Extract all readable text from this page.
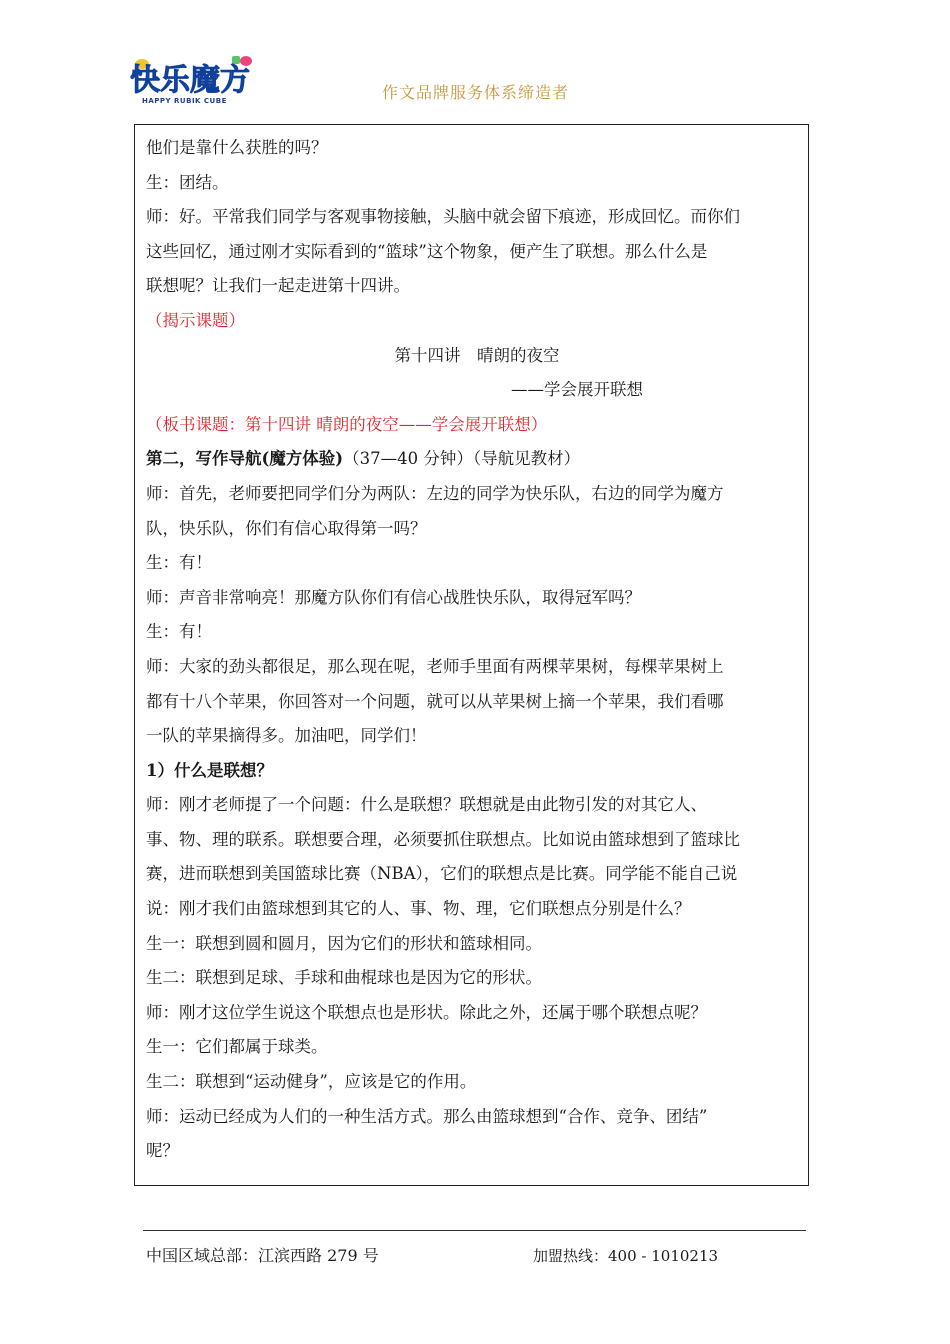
快乐魔方
HAPPY RUBIK CUBE	作文品牌服务体系缔造者
他们是靠什么获胜的吗？
生：团结。
师：好。平常我们同学与客观事物接触，头脑中就会留下痕迹，形成回忆。而你们
这些回忆，通过刚才实际看到的“篮球”这个物象，便产生了联想。那么什么是
联想呢？让我们一起走进第十四讲。
（揭示课题）
第十四讲　晴朗的夜空
——学会展开联想
（板书课题：第十四讲 晴朗的夜空——学会展开联想）
第二，写作导航(魔方体验)（37—40 分钟）（导航见教材）
师：首先，老师要把同学们分为两队：左边的同学为快乐队，右边的同学为魔方
队，快乐队，你们有信心取得第一吗？
生：有！
师：声音非常响亮！那魔方队你们有信心战胜快乐队，取得冠军吗？
生：有！
师：大家的劲头都很足，那么现在呢，老师手里面有两棵苹果树，每棵苹果树上
都有十八个苹果，你回答对一个问题，就可以从苹果树上摘一个苹果，我们看哪
一队的苹果摘得多。加油吧，同学们！
1）什么是联想？
师：刚才老师提了一个问题：什么是联想？联想就是由此物引发的对其它人、
事、物、理的联系。联想要合理，必须要抓住联想点。比如说由篮球想到了篮球比
赛，进而联想到美国篮球比赛（NBA），它们的联想点是比赛。同学能不能自己说
说：刚才我们由篮球想到其它的人、事、物、理，它们联想点分别是什么？
生一：联想到圆和圆月，因为它们的形状和篮球相同。
生二：联想到足球、手球和曲棍球也是因为它的形状。
师：刚才这位学生说这个联想点也是形状。除此之外，还属于哪个联想点呢？
生一：它们都属于球类。
生二：联想到“运动健身”，应该是它的作用。
师：运动已经成为人们的一种生活方式。那么由篮球想到“合作、竞争、团结”
呢？
中国区域总部：江滨西路 279 号	加盟热线：400 - 1010213
